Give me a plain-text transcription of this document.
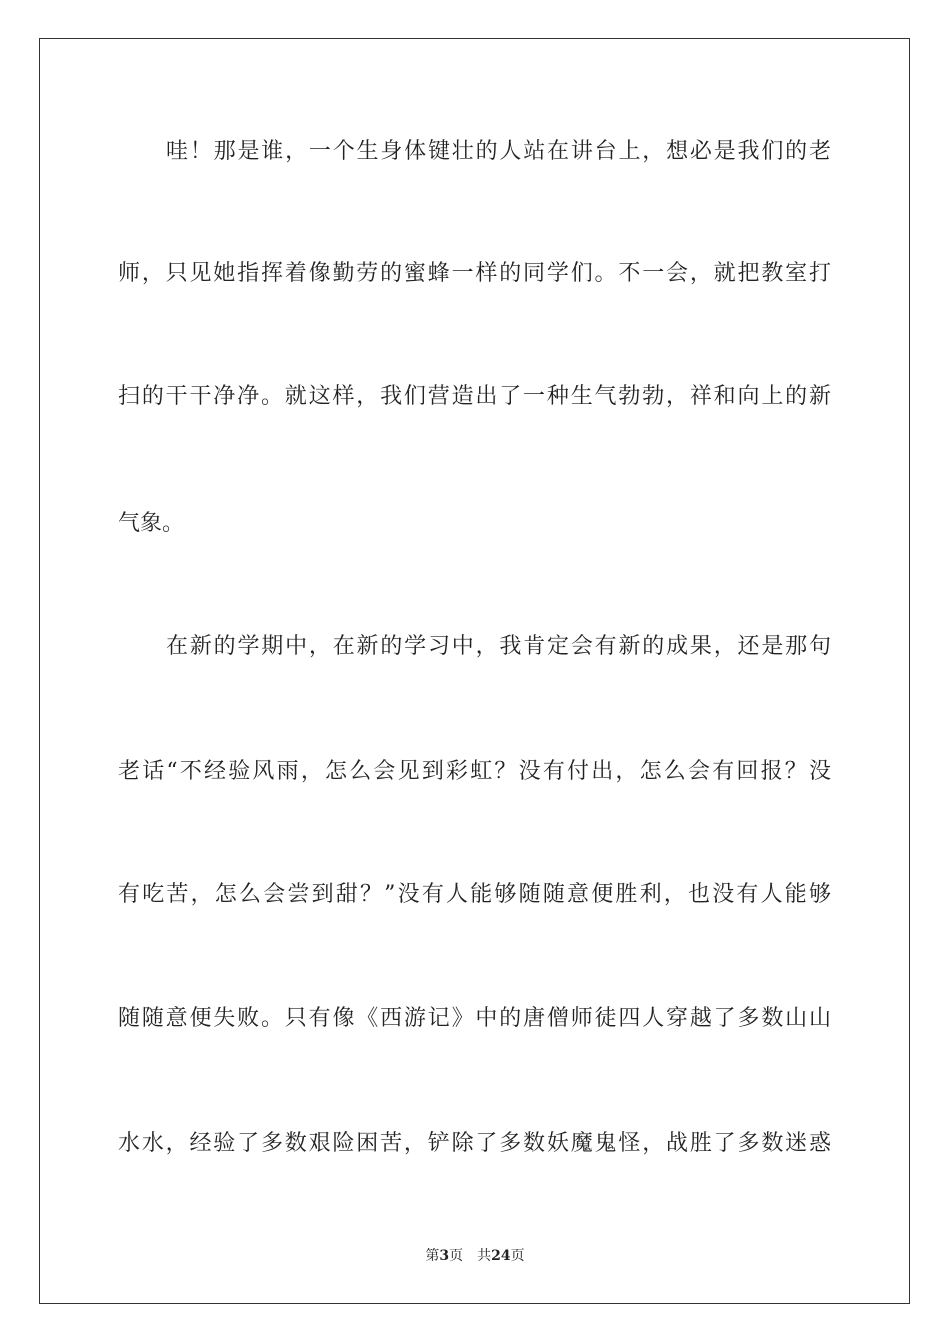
哇！那是谁，一个生身体键壮的人站在讲台上，想必是我们的老
师，只见她指挥着像勤劳的蜜蜂一样的同学们。不一会，就把教室打
扫的干干净净。就这样，我们营造出了一种生气勃勃，祥和向上的新
气象。
在新的学期中，在新的学习中，我肯定会有新的成果，还是那句
老话“不经验风雨，怎么会见到彩虹？没有付出，怎么会有回报？没
有吃苦，怎么会尝到甜？”没有人能够随随意便胜利，也没有人能够
随随意便失败。只有像《西游记》中的唐僧师徒四人穿越了多数山山
水水，经验了多数艰险困苦，铲除了多数妖魔鬼怪，战胜了多数迷惑
第3页 共24页
